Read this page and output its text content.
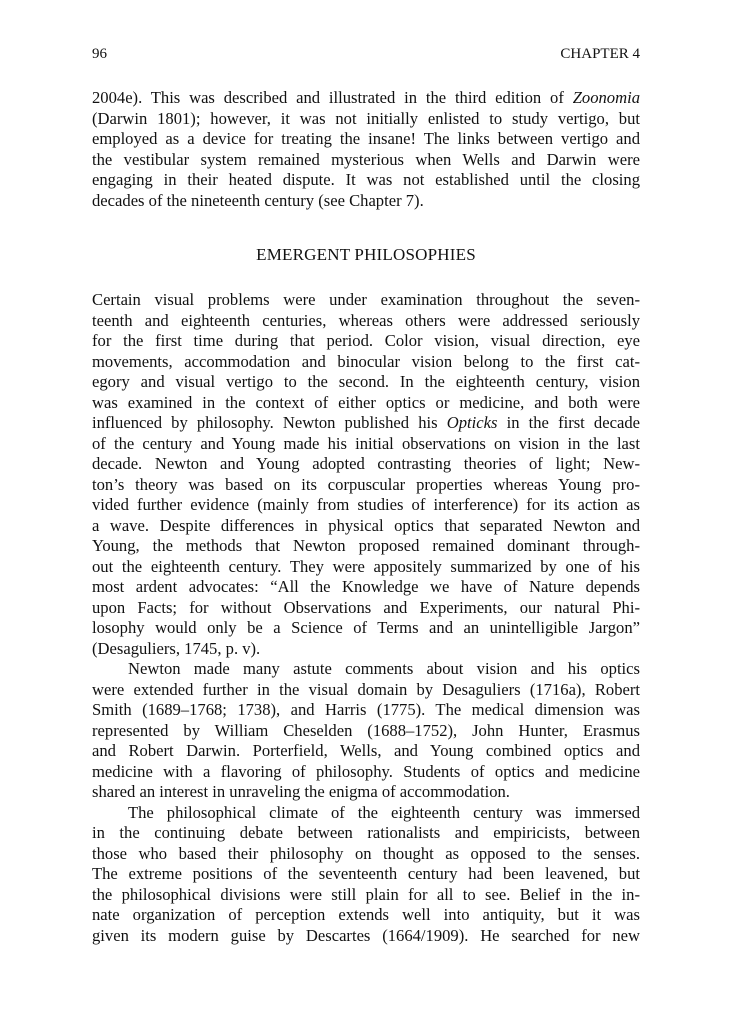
96	CHAPTER 4
2004e). This was described and illustrated in the third edition of Zoonomia
(Darwin 1801); however, it was not initially enlisted to study vertigo, but
employed as a device for treating the insane! The links between vertigo and
the vestibular system remained mysterious when Wells and Darwin were
engaging in their heated dispute. It was not established until the closing
decades of the nineteenth century (see Chapter 7).
EMERGENT PHILOSOPHIES
Certain visual problems were under examination throughout the seven-
teenth and eighteenth centuries, whereas others were addressed seriously
for the first time during that period. Color vision, visual direction, eye
movements, accommodation and binocular vision belong to the first cat-
egory and visual vertigo to the second. In the eighteenth century, vision
was examined in the context of either optics or medicine, and both were
influenced by philosophy. Newton published his Opticks in the first decade
of the century and Young made his initial observations on vision in the last
decade. Newton and Young adopted contrasting theories of light; New-
ton’s theory was based on its corpuscular properties whereas Young pro-
vided further evidence (mainly from studies of interference) for its action as
a wave. Despite differences in physical optics that separated Newton and
Young, the methods that Newton proposed remained dominant through-
out the eighteenth century. They were appositely summarized by one of his
most ardent advocates: “All the Knowledge we have of Nature depends
upon Facts; for without Observations and Experiments, our natural Phi-
losophy would only be a Science of Terms and an unintelligible Jargon”
(Desaguliers, 1745, p. v).
Newton made many astute comments about vision and his optics
were extended further in the visual domain by Desaguliers (1716a), Robert
Smith (1689–1768; 1738), and Harris (1775). The medical dimension was
represented by William Cheselden (1688–1752), John Hunter, Erasmus
and Robert Darwin. Porterfield, Wells, and Young combined optics and
medicine with a flavoring of philosophy. Students of optics and medicine
shared an interest in unraveling the enigma of accommodation.
The philosophical climate of the eighteenth century was immersed
in the continuing debate between rationalists and empiricists, between
those who based their philosophy on thought as opposed to the senses.
The extreme positions of the seventeenth century had been leavened, but
the philosophical divisions were still plain for all to see. Belief in the in-
nate organization of perception extends well into antiquity, but it was
given its modern guise by Descartes (1664/1909). He searched for new
